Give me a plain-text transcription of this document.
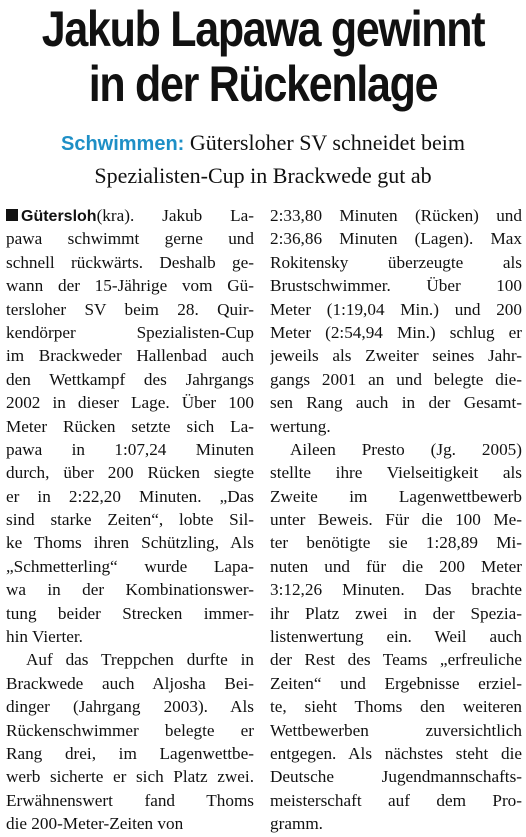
Jakub Lapawa gewinnt
in der Rückenlage
Schwimmen: Gütersloher SV schneidet beim
Spezialisten-Cup in Brackwede gut ab
Gütersloh(kra). Jakub La-
pawa schwimmt gerne und
schnell rückwärts. Deshalb ge-
wann der 15-Jährige vom Gü-
tersloher SV beim 28. Quir-
kendörper Spezialisten-Cup
im Brackweder Hallenbad auch
den Wettkampf des Jahrgangs
2002 in dieser Lage. Über 100
Meter Rücken setzte sich La-
pawa in 1:07,24 Minuten
durch, über 200 Rücken siegte
er in 2:22,20 Minuten. „Das
sind starke Zeiten“, lobte Sil-
ke Thoms ihren Schützling, Als
„Schmetterling“ wurde Lapa-
wa in der Kombinationswer-
tung beider Strecken immer-
hin Vierter.
Auf das Treppchen durfte in
Brackwede auch Aljosha Bei-
dinger (Jahrgang 2003). Als
Rückenschwimmer belegte er
Rang drei, im Lagenwettbe-
werb sicherte er sich Platz zwei.
Erwähnenswert fand Thoms
die 200-Meter-Zeiten von
2:33,80 Minuten (Rücken) und
2:36,86 Minuten (Lagen). Max
Rokitensky überzeugte als
Brustschwimmer. Über 100
Meter (1:19,04 Min.) und 200
Meter (2:54,94 Min.) schlug er
jeweils als Zweiter seines Jahr-
gangs 2001 an und belegte die-
sen Rang auch in der Gesamt-
wertung.
Aileen Presto (Jg. 2005)
stellte ihre Vielseitigkeit als
Zweite im Lagenwettbewerb
unter Beweis. Für die 100 Me-
ter benötigte sie 1:28,89 Mi-
nuten und für die 200 Meter
3:12,26 Minuten. Das brachte
ihr Platz zwei in der Spezia-
listenwertung ein. Weil auch
der Rest des Teams „erfreuliche
Zeiten“ und Ergebnisse erziel-
te, sieht Thoms den weiteren
Wettbewerben zuversichtlich
entgegen. Als nächstes steht die
Deutsche Jugendmannschafts-
meisterschaft auf dem Pro-
gramm.
